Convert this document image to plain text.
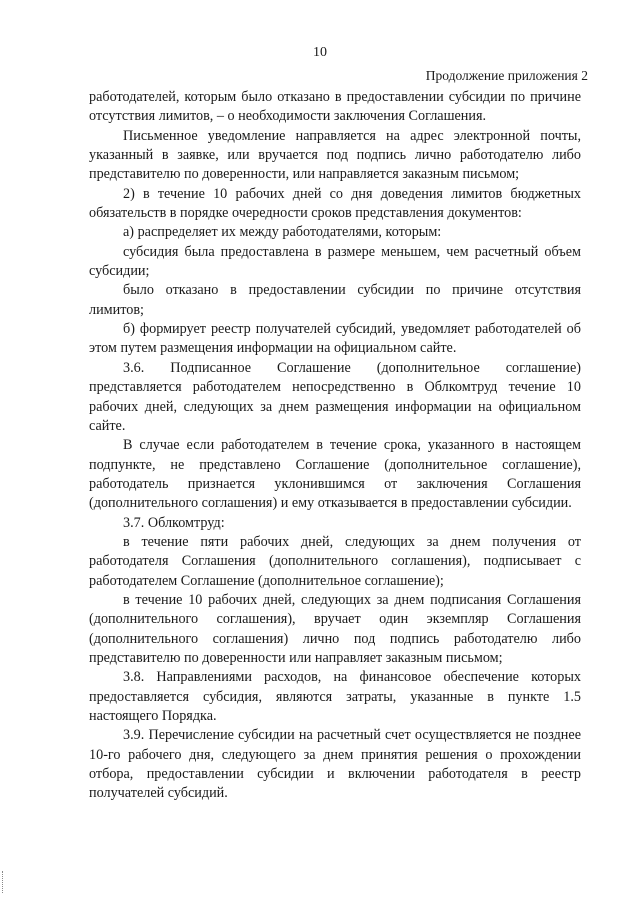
10
Продолжение приложения 2

работодателей, которым было отказано в предоставлении субсидии по причине отсутствия лимитов, – о необходимости заключения Соглашения.

Письменное уведомление направляется на адрес электронной почты, указанный в заявке, или вручается под подпись лично работодателю либо представителю по доверенности, или направляется заказным письмом;

2) в течение 10 рабочих дней со дня доведения лимитов бюджетных обязательств в порядке очередности сроков представления документов:

а) распределяет их между работодателями, которым:

субсидия была предоставлена в размере меньшем, чем расчетный объем субсидии;

было отказано в предоставлении субсидии по причине отсутствия лимитов;

б) формирует реестр получателей субсидий, уведомляет работодателей об этом путем размещения информации на официальном сайте.

3.6. Подписанное Соглашение (дополнительное соглашение) представляется работодателем непосредственно в Облкомтруд течение 10 рабочих дней, следующих за днем размещения информации на официальном сайте.

В случае если работодателем в течение срока, указанного в настоящем подпункте, не представлено Соглашение (дополнительное соглашение), работодатель признается уклонившимся от заключения Соглашения (дополнительного соглашения) и ему отказывается в предоставлении субсидии.

3.7. Облкомтруд:

в течение пяти рабочих дней, следующих за днем получения от работодателя Соглашения (дополнительного соглашения), подписывает с работодателем Соглашение (дополнительное соглашение);

в течение 10 рабочих дней, следующих за днем подписания Соглашения (дополнительного соглашения), вручает один экземпляр Соглашения (дополнительного соглашения) лично под подпись работодателю либо представителю по доверенности или направляет заказным письмом;

3.8. Направлениями расходов, на финансовое обеспечение которых предоставляется субсидия, являются затраты, указанные в пункте 1.5 настоящего Порядка.

3.9. Перечисление субсидии на расчетный счет осуществляется не позднее 10-го рабочего дня, следующего за днем принятия решения о прохождении отбора, предоставлении субсидии и включении работодателя в реестр получателей субсидий.
